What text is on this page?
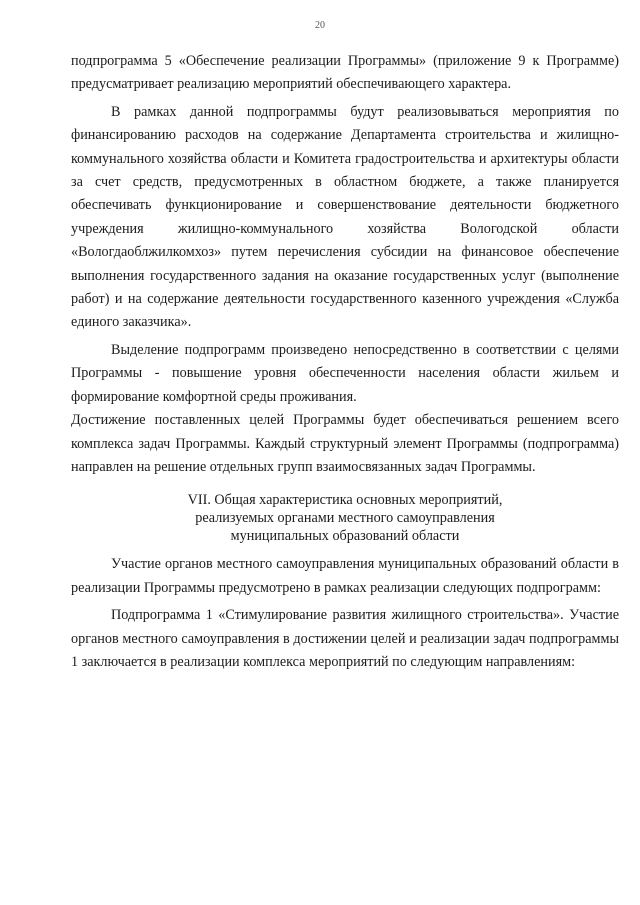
20

подпрограмма 5 «Обеспечение реализации Программы» (приложение 9 к Программе) предусматривает реализацию мероприятий обеспечивающего характера.

В рамках данной подпрограммы будут реализовываться мероприятия по финансированию расходов на содержание Департамента строительства и жилищно-коммунального хозяйства области и Комитета градостроительства и архитектуры области за счет средств, предусмотренных в областном бюджете, а также планируется обеспечивать функционирование и совершенствование деятельности бюджетного учреждения жилищно-коммунального хозяйства Вологодской области «Вологдаоблжилкомхоз» путем перечисления субсидии на финансовое обеспечение выполнения государственного задания на оказание государственных услуг (выполнение работ) и на содержание деятельности государственного казенного учреждения «Служба единого заказчика».

Выделение подпрограмм произведено непосредственно в соответствии с целями Программы - повышение уровня обеспеченности населения области жильем и формирование комфортной среды проживания.

Достижение поставленных целей Программы будет обеспечиваться решением всего комплекса задач Программы. Каждый структурный элемент Программы (подпрограмма) направлен на решение отдельных групп взаимосвязанных задач Программы.

VII. Общая характеристика основных мероприятий,
реализуемых органами местного самоуправления
муниципальных образований области

Участие органов местного самоуправления муниципальных образований области в реализации Программы предусмотрено в рамках реализации следующих подпрограмм:

Подпрограмма 1 «Стимулирование развития жилищного строительства». Участие органов местного самоуправления в достижении целей и реализации задач подпрограммы 1 заключается в реализации комплекса мероприятий по следующим направлениям:
